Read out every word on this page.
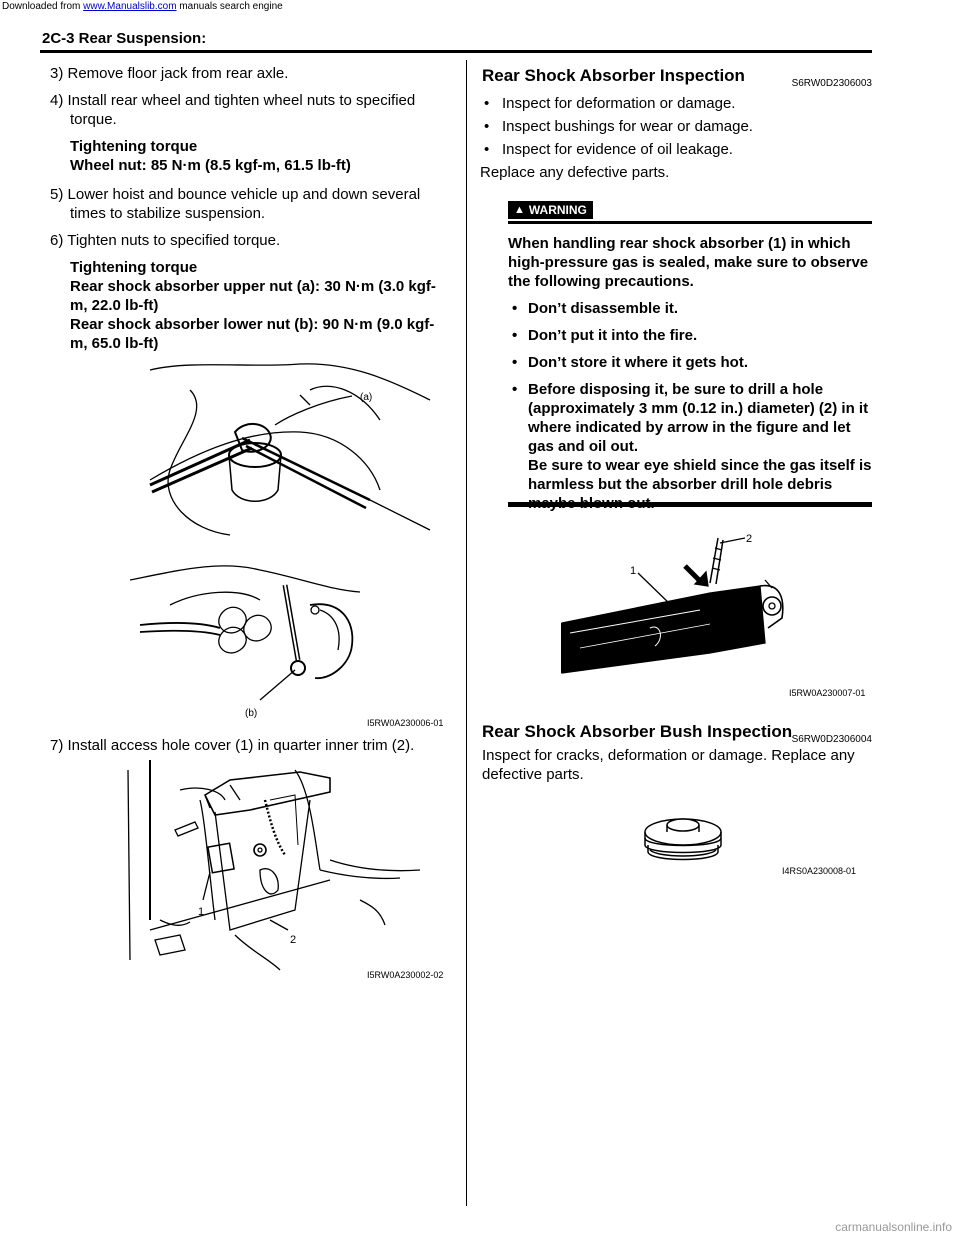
Downloaded from www.Manualslib.com manuals search engine
2C-3 Rear Suspension:

3) Remove floor jack from rear axle.

4) Install rear wheel and tighten wheel nuts to specified torque.

Tightening torque
Wheel nut: 85 N·m (8.5 kgf-m, 61.5 lb-ft)

5) Lower hoist and bounce vehicle up and down several times to stabilize suspension.

6) Tighten nuts to specified torque.

Tightening torque
Rear shock absorber upper nut (a): 30 N·m (3.0 kgf-m, 22.0 lb-ft)
Rear shock absorber lower nut (b): 90 N·m (9.0 kgf-m, 65.0 lb-ft)
(a)
(b)
I5RW0A230006-01

7) Install access hole cover (1) in quarter inner trim (2).

1
2
I5RW0A230002-02
Rear Shock Absorber Inspection	S6RW0D2306003
• Inspect for deformation or damage.
• Inspect bushings for wear or damage.
• Inspect for evidence of oil leakage.
Replace any defective parts.
▲ WARNING

When handling rear shock absorber (1) in which high-pressure gas is sealed, make sure to observe the following precautions.

• Don’t disassemble it.
• Don’t put it into the fire.
• Don’t store it where it gets hot.
• Before disposing it, be sure to drill a hole (approximately 3 mm (0.12 in.) diameter) (2) in it where indicated by arrow in the figure and let gas and oil out.
Be sure to wear eye shield since the gas itself is harmless but the absorber drill hole debris
2
1
I5RW0A230007-01
Rear Shock Absorber Bush Inspection S6RW0D2306004
Inspect for cracks, deformation or damage. Replace any defective parts.
I4RS0A230008-01
carmanualsonline.info
